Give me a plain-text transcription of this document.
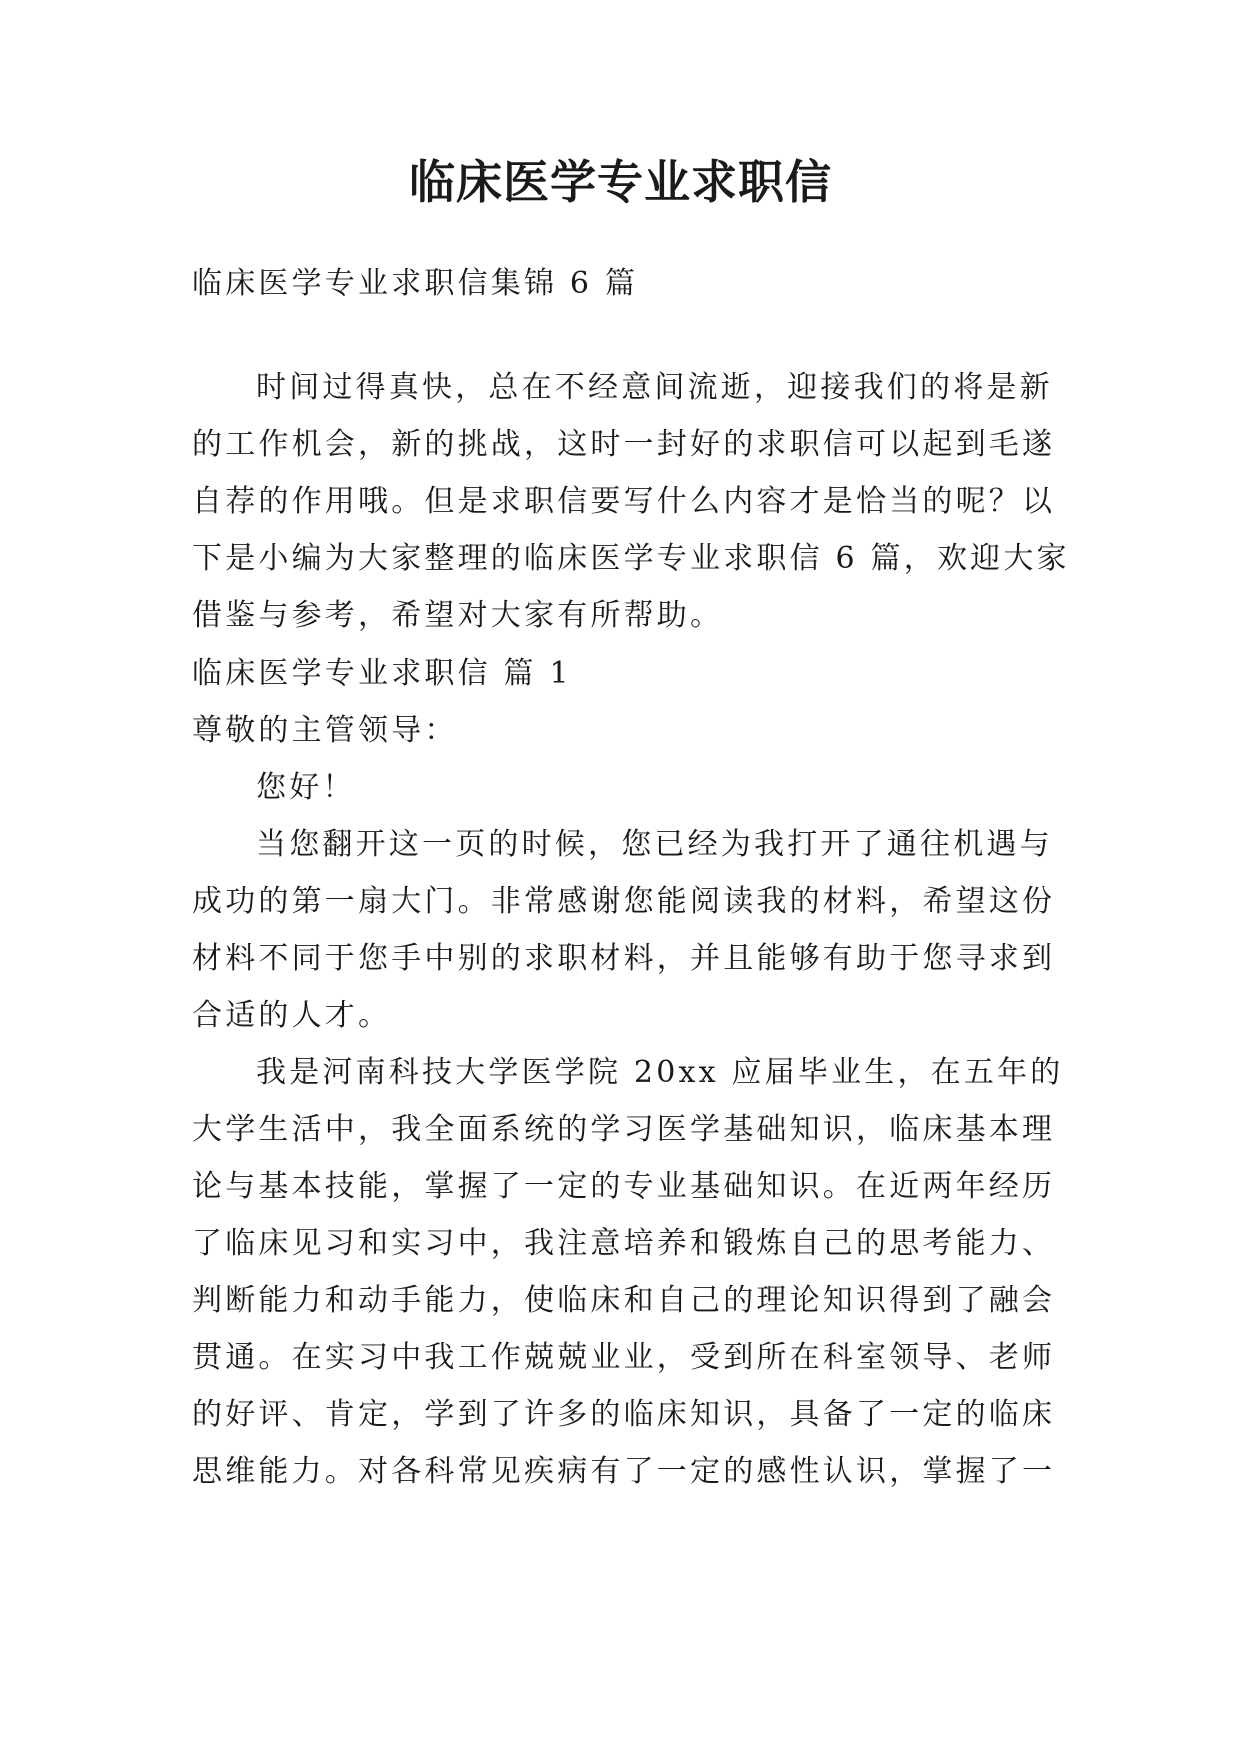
临床医学专业求职信

临床医学专业求职信集锦 6 篇

时间过得真快，总在不经意间流逝，迎接我们的将是新

的工作机会，新的挑战，这时一封好的求职信可以起到毛遂

自荐的作用哦。但是求职信要写什么内容才是恰当的呢？以

下是小编为大家整理的临床医学专业求职信 6 篇，欢迎大家

借鉴与参考，希望对大家有所帮助。

临床医学专业求职信 篇 1

尊敬的主管领导：

您好！

当您翻开这一页的时候，您已经为我打开了通往机遇与

成功的第一扇大门。非常感谢您能阅读我的材料，希望这份

材料不同于您手中别的求职材料，并且能够有助于您寻求到

合适的人才。

我是河南科技大学医学院 20xx 应届毕业生，在五年的

大学生活中，我全面系统的学习医学基础知识，临床基本理

论与基本技能，掌握了一定的专业基础知识。在近两年经历

了临床见习和实习中，我注意培养和锻炼自己的思考能力、

判断能力和动手能力，使临床和自己的理论知识得到了融会

贯通。在实习中我工作兢兢业业，受到所在科室领导、老师

的好评、肯定，学到了许多的临床知识，具备了一定的临床

思维能力。对各科常见疾病有了一定的感性认识，掌握了一
